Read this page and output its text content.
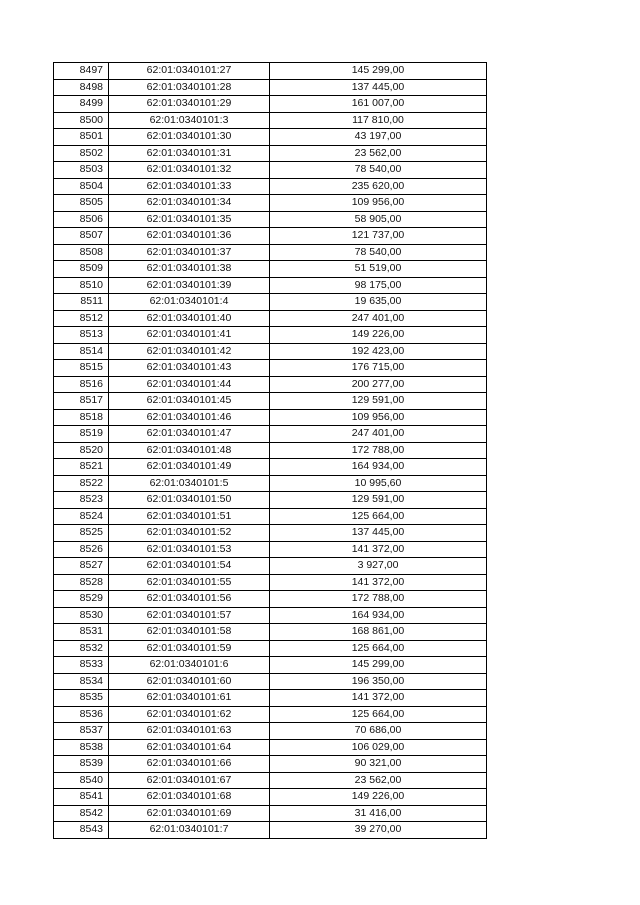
8497	62:01:0340101:27	145 299,00
8498	62:01:0340101:28	137 445,00
8499	62:01:0340101:29	161 007,00
8500	62:01:0340101:3	117 810,00
8501	62:01:0340101:30	43 197,00
8502	62:01:0340101:31	23 562,00
8503	62:01:0340101:32	78 540,00
8504	62:01:0340101:33	235 620,00
8505	62:01:0340101:34	109 956,00
8506	62:01:0340101:35	58 905,00
8507	62:01:0340101:36	121 737,00
8508	62:01:0340101:37	78 540,00
8509	62:01:0340101:38	51 519,00
8510	62:01:0340101:39	98 175,00
8511	62:01:0340101:4	19 635,00
8512	62:01:0340101:40	247 401,00
8513	62:01:0340101:41	149 226,00
8514	62:01:0340101:42	192 423,00
8515	62:01:0340101:43	176 715,00
8516	62:01:0340101:44	200 277,00
8517	62:01:0340101:45	129 591,00
8518	62:01:0340101:46	109 956,00
8519	62:01:0340101:47	247 401,00
8520	62:01:0340101:48	172 788,00
8521	62:01:0340101:49	164 934,00
8522	62:01:0340101:5	10 995,60
8523	62:01:0340101:50	129 591,00
8524	62:01:0340101:51	125 664,00
8525	62:01:0340101:52	137 445,00
8526	62:01:0340101:53	141 372,00
8527	62:01:0340101:54	3 927,00
8528	62:01:0340101:55	141 372,00
8529	62:01:0340101:56	172 788,00
8530	62:01:0340101:57	164 934,00
8531	62:01:0340101:58	168 861,00
8532	62:01:0340101:59	125 664,00
8533	62:01:0340101:6	145 299,00
8534	62:01:0340101:60	196 350,00
8535	62:01:0340101:61	141 372,00
8536	62:01:0340101:62	125 664,00
8537	62:01:0340101:63	70 686,00
8538	62:01:0340101:64	106 029,00
8539	62:01:0340101:66	90 321,00
8540	62:01:0340101:67	23 562,00
8541	62:01:0340101:68	149 226,00
8542	62:01:0340101:69	31 416,00
8543	62:01:0340101:7	39 270,00
